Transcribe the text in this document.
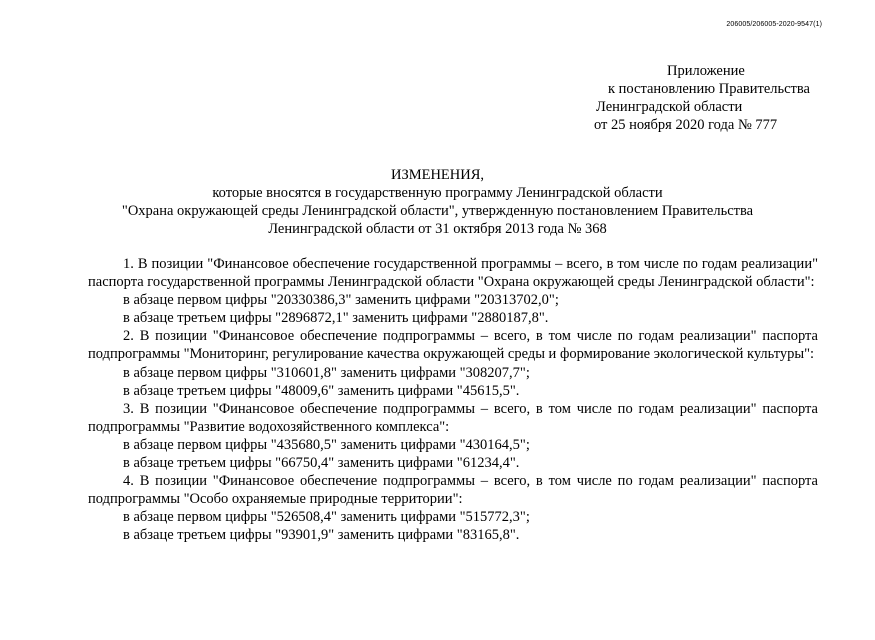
206005/206005-2020-9547(1)
Приложение
к постановлению Правительства
Ленинградской области
от 25 ноября 2020 года № 777
ИЗМЕНЕНИЯ,
которые вносятся в государственную программу Ленинградской области
"Охрана окружающей среды Ленинградской области", утвержденную постановлением Правительства
Ленинградской области от 31 октября 2013 года № 368

1. В позиции "Финансовое обеспечение государственной программы – всего, в том числе по годам реализации" паспорта государственной программы Ленинградской области "Охрана окружающей среды Ленинградской области":

в абзаце первом цифры "20330386,3" заменить цифрами "20313702,0";

в абзаце третьем цифры "2896872,1" заменить цифрами "2880187,8".

2. В позиции "Финансовое обеспечение подпрограммы – всего, в том числе по годам реализации" паспорта подпрограммы "Мониторинг, регулирование качества окружающей среды и формирование экологической культуры":

в абзаце первом цифры "310601,8" заменить цифрами "308207,7";

в абзаце третьем цифры "48009,6" заменить цифрами "45615,5".

3. В позиции "Финансовое обеспечение подпрограммы – всего, в том числе по годам реализации" паспорта подпрограммы "Развитие водохозяйственного комплекса":

в абзаце первом цифры "435680,5" заменить цифрами "430164,5";

в абзаце третьем цифры "66750,4" заменить цифрами "61234,4".

4. В позиции "Финансовое обеспечение подпрограммы – всего, в том числе по годам реализации" паспорта подпрограммы "Особо охраняемые природные территории":

в абзаце первом цифры "526508,4" заменить цифрами "515772,3";

в абзаце третьем цифры "93901,9" заменить цифрами "83165,8".
